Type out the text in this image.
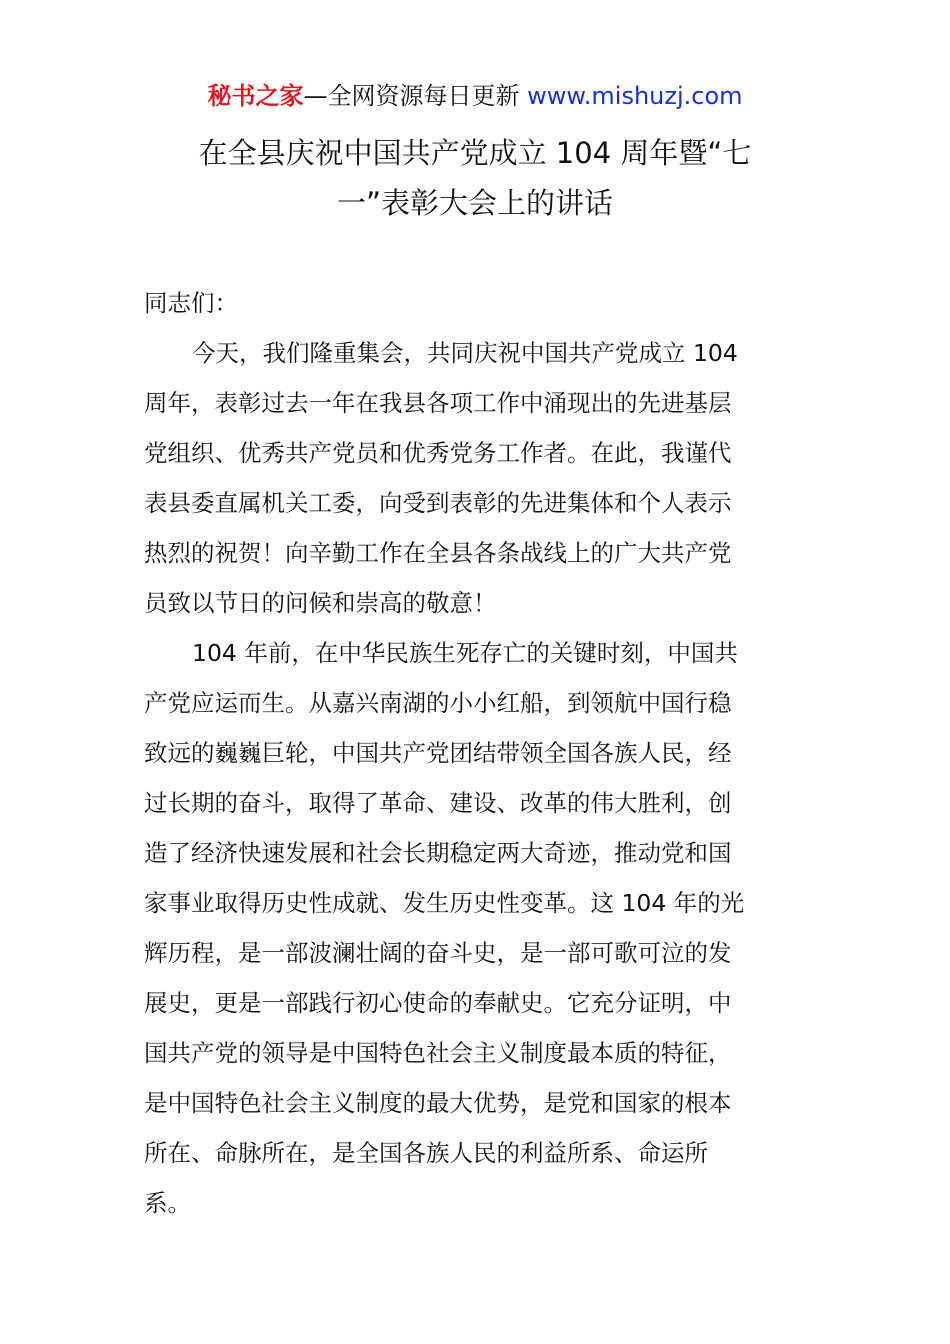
秘书之家—全网资源每日更新 www.mishuzj.com
在全县庆祝中国共产党成立 104 周年暨“七
一”表彰大会上的讲话
同志们：
今天，我们隆重集会，共同庆祝中国共产党成立 104
周年，表彰过去一年在我县各项工作中涌现出的先进基层
党组织、优秀共产党员和优秀党务工作者。在此，我谨代
表县委直属机关工委，向受到表彰的先进集体和个人表示
热烈的祝贺！向辛勤工作在全县各条战线上的广大共产党
员致以节日的问候和崇高的敬意！
104 年前，在中华民族生死存亡的关键时刻，中国共
产党应运而生。从嘉兴南湖的小小红船，到领航中国行稳
致远的巍巍巨轮，中国共产党团结带领全国各族人民，经
过长期的奋斗，取得了革命、建设、改革的伟大胜利，创
造了经济快速发展和社会长期稳定两大奇迹，推动党和国
家事业取得历史性成就、发生历史性变革。这 104 年的光
辉历程，是一部波澜壮阔的奋斗史，是一部可歌可泣的发
展史，更是一部践行初心使命的奉献史。它充分证明，中
国共产党的领导是中国特色社会主义制度最本质的特征，
是中国特色社会主义制度的最大优势，是党和国家的根本
所在、命脉所在，是全国各族人民的利益所系、命运所
系。
